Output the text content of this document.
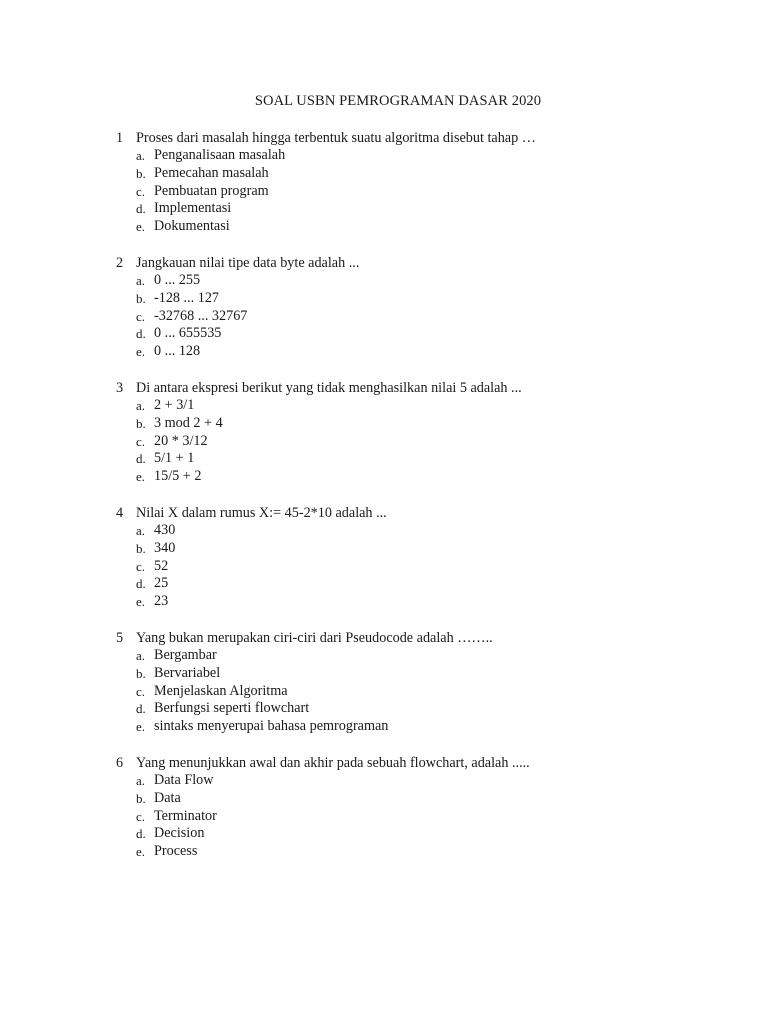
SOAL USBN PEMROGRAMAN DASAR 2020
1 Proses dari masalah hingga terbentuk suatu algoritma disebut tahap …
a. Penganalisaan masalah
b. Pemecahan masalah
c. Pembuatan program
d. Implementasi
e. Dokumentasi
2 Jangkauan nilai tipe data byte adalah ...
a. 0 ... 255
b. -128 ... 127
c. -32768 ... 32767
d. 0 ... 655535
e. 0 ... 128
3 Di antara ekspresi berikut yang tidak menghasilkan nilai 5 adalah ...
a. 2 + 3/1
b. 3 mod 2 + 4
c. 20 * 3/12
d. 5/1 + 1
e. 15/5 + 2
4 Nilai X dalam rumus X:= 45-2*10 adalah ...
a. 430
b. 340
c. 52
d. 25
e. 23
5 Yang bukan merupakan ciri-ciri dari Pseudocode adalah ……..
a. Bergambar
b. Bervariabel
c. Menjelaskan Algoritma
d. Berfungsi seperti flowchart
e. sintaks menyerupai bahasa pemrograman
6 Yang menunjukkan awal dan akhir pada sebuah flowchart, adalah .....
a. Data Flow
b. Data
c. Terminator
d. Decision
e. Process
